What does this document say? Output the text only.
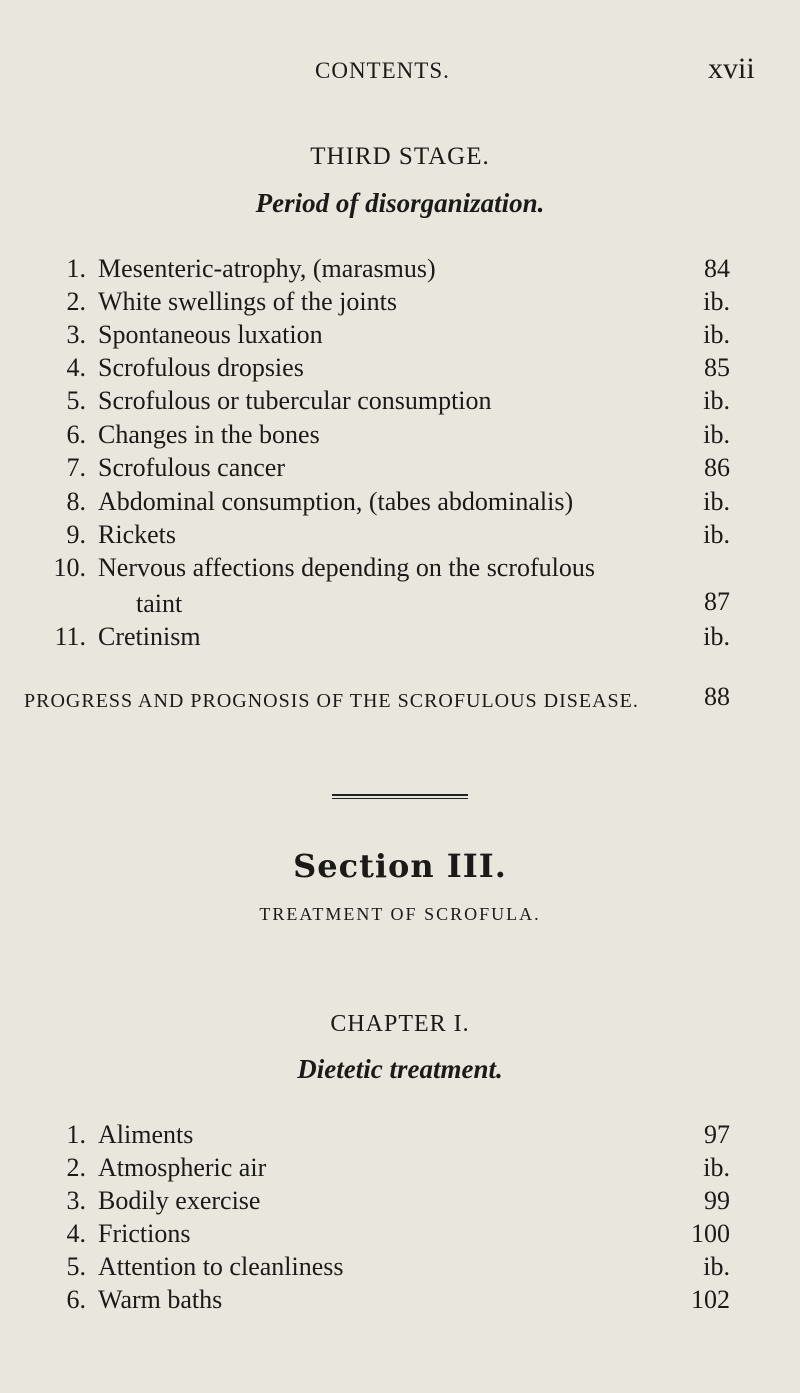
CONTENTS.	xvii
THIRD STAGE.
Period of disorganization.
1. Mesenteric-atrophy, (marasmus)	84
2. White swellings of the joints	ib.
3. Spontaneous luxation	ib.
4. Scrofulous dropsies	85
5. Scrofulous or tubercular consumption	ib.
6. Changes in the bones	ib.
7. Scrofulous cancer	86
8. Abdominal consumption, (tabes abdominalis)	ib.
9. Rickets	ib.
10. Nervous affections depending on the scrofulous
taint	87
11. Cretinism	ib.
PROGRESS AND PROGNOSIS OF THE SCROFULOUS DISEASE.	88
Section III.
TREATMENT OF SCROFULA.
CHAPTER I.
Dietetic treatment.
1. Aliments	97
2. Atmospheric air	ib.
3. Bodily exercise	99
4. Frictions	100
5. Attention to cleanliness	ib.
6. Warm baths	102
